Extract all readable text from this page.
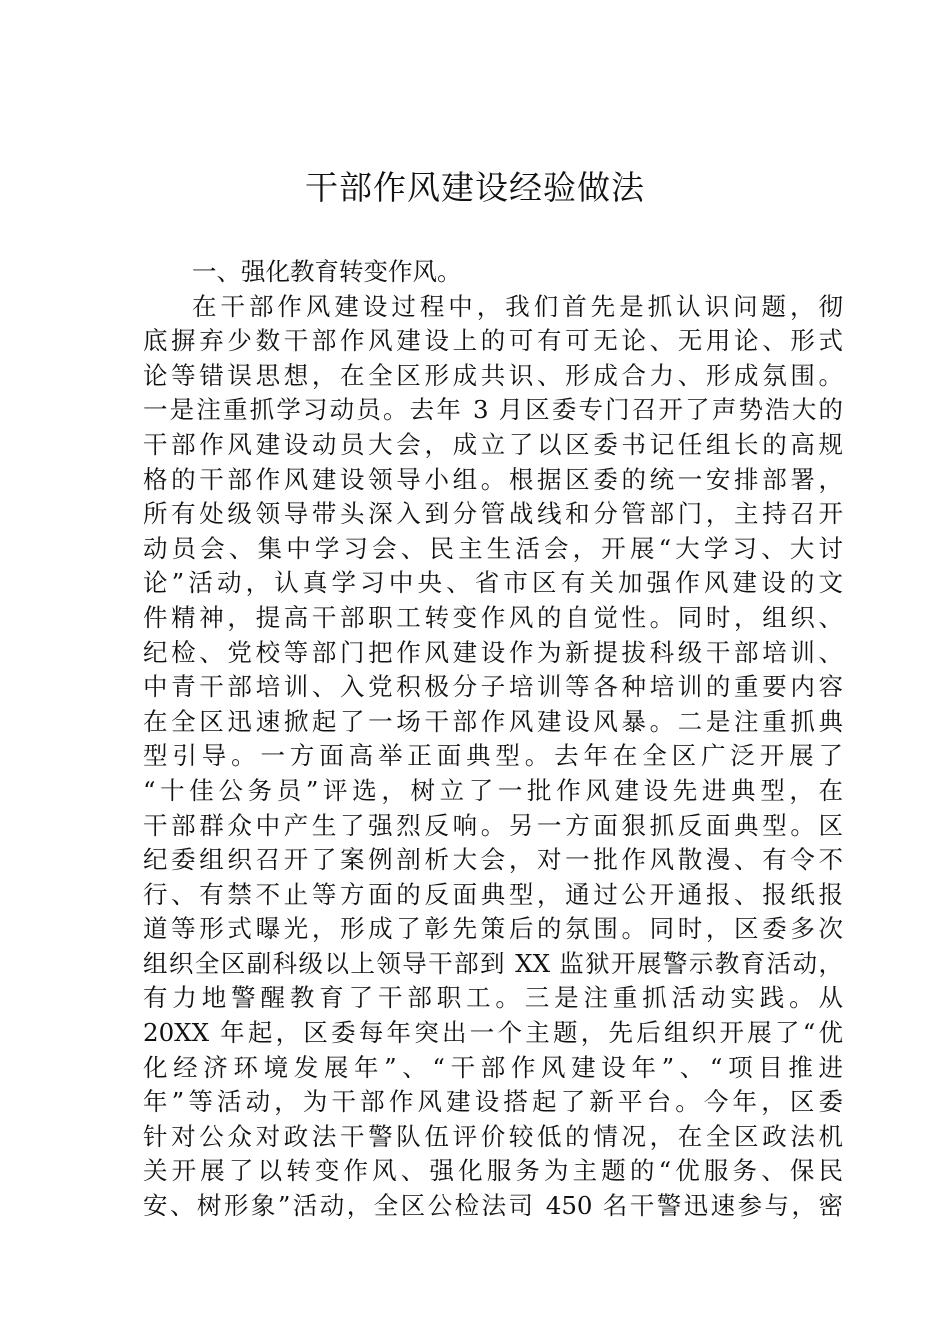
干部作风建设经验做法
一、强化教育转变作风。
在干部作风建设过程中，我们首先是抓认识问题，彻
底摒弃少数干部作风建设上的可有可无论、无用论、形式
论等错误思想，在全区形成共识、形成合力、形成氛围。
一是注重抓学习动员。去年 3 月区委专门召开了声势浩大的
干部作风建设动员大会，成立了以区委书记任组长的高规
格的干部作风建设领导小组。根据区委的统一安排部署，
所有处级领导带头深入到分管战线和分管部门，主持召开
动员会、集中学习会、民主生活会，开展“大学习、大讨
论”活动，认真学习中央、省市区有关加强作风建设的文
件精神，提高干部职工转变作风的自觉性。同时，组织、
纪检、党校等部门把作风建设作为新提拔科级干部培训、
中青干部培训、入党积极分子培训等各种培训的重要内容
在全区迅速掀起了一场干部作风建设风暴。二是注重抓典
型引导。一方面高举正面典型。去年在全区广泛开展了
“十佳公务员”评选，树立了一批作风建设先进典型，在
干部群众中产生了强烈反响。另一方面狠抓反面典型。区
纪委组织召开了案例剖析大会，对一批作风散漫、有令不
行、有禁不止等方面的反面典型，通过公开通报、报纸报
道等形式曝光，形成了彰先策后的氛围。同时，区委多次
组织全区副科级以上领导干部到 XX 监狱开展警示教育活动，
有力地警醒教育了干部职工。三是注重抓活动实践。从
20XX 年起，区委每年突出一个主题，先后组织开展了“优
化经济环境发展年”、“干部作风建设年”、“项目推进
年”等活动，为干部作风建设搭起了新平台。今年，区委
针对公众对政法干警队伍评价较低的情况，在全区政法机
关开展了以转变作风、强化服务为主题的“优服务、保民
安、树形象”活动，全区公检法司 450 名干警迅速参与，密
